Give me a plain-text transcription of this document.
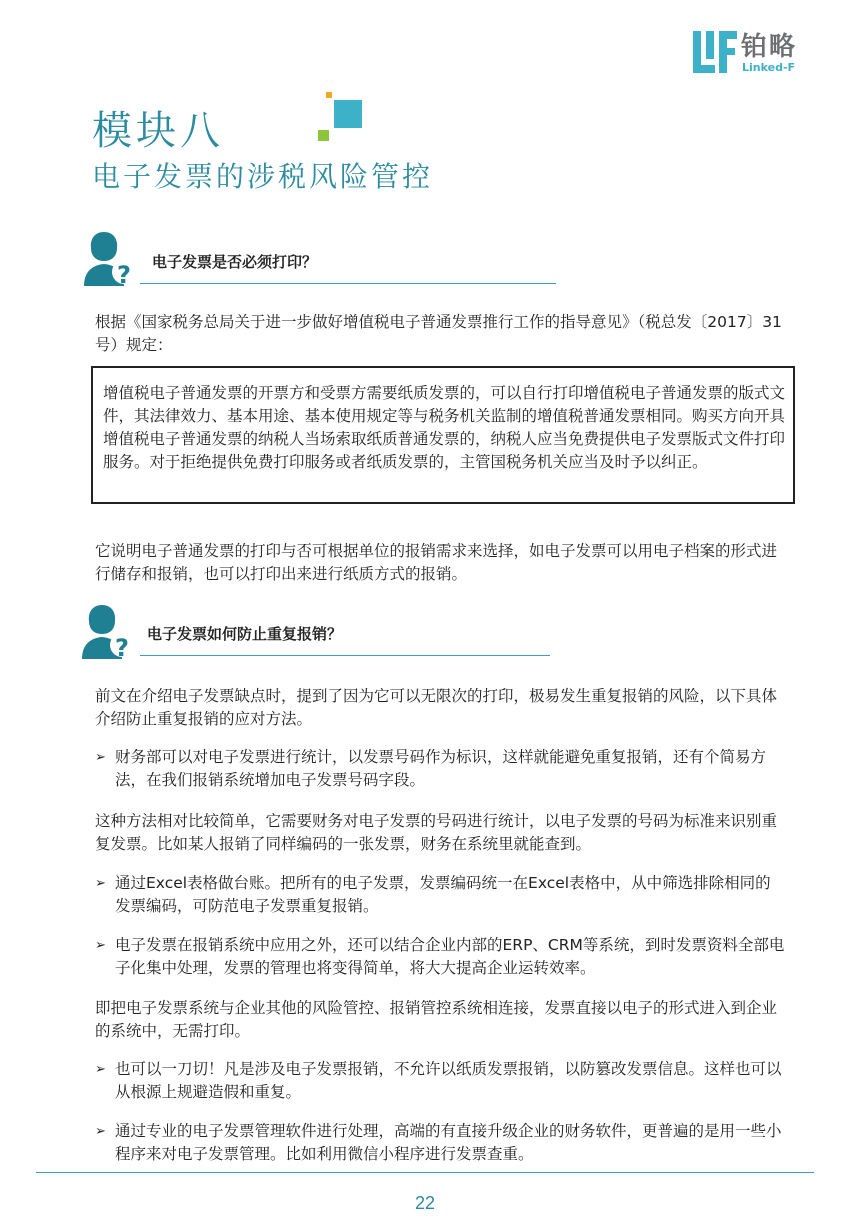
铂略
Linked-F
模块八
电子发票的涉税风险管控
? 电子发票是否必须打印？
根据《国家税务总局关于进一步做好增值税电子普通发票推行工作的指导意见》（税总发〔2017〕31号）规定：
增值税电子普通发票的开票方和受票方需要纸质发票的，可以自行打印增值税电子普通发票的版式文件，其法律效力、基本用途、基本使用规定等与税务机关监制的增值税普通发票相同。购买方向开具增值税电子普通发票的纳税人当场索取纸质普通发票的，纳税人应当免费提供电子发票版式文件打印服务。对于拒绝提供免费打印服务或者纸质发票的，主管国税务机关应当及时予以纠正。
它说明电子普通发票的打印与否可根据单位的报销需求来选择，如电子发票可以用电子档案的形式进行储存和报销，也可以打印出来进行纸质方式的报销。
? 电子发票如何防止重复报销？
前文在介绍电子发票缺点时，提到了因为它可以无限次的打印，极易发生重复报销的风险，以下具体介绍防止重复报销的应对方法。
➢ 财务部可以对电子发票进行统计，以发票号码作为标识，这样就能避免重复报销，还有个简易方法，在我们报销系统增加电子发票号码字段。
这种方法相对比较简单，它需要财务对电子发票的号码进行统计，以电子发票的号码为标准来识别重复发票。比如某人报销了同样编码的一张发票，财务在系统里就能查到。
➢ 通过Excel表格做台账。把所有的电子发票，发票编码统一在Excel表格中，从中筛选排除相同的发票编码，可防范电子发票重复报销。
➢ 电子发票在报销系统中应用之外，还可以结合企业内部的ERP、CRM等系统，到时发票资料全部电子化集中处理，发票的管理也将变得简单，将大大提高企业运转效率。
即把电子发票系统与企业其他的风险管控、报销管控系统相连接，发票直接以电子的形式进入到企业的系统中，无需打印。
➢ 也可以一刀切！凡是涉及电子发票报销，不允许以纸质发票报销，以防篡改发票信息。这样也可以从根源上规避造假和重复。
➢ 通过专业的电子发票管理软件进行处理，高端的有直接升级企业的财务软件，更普遍的是用一些小程序来对电子发票管理。比如利用微信小程序进行发票查重。
22
